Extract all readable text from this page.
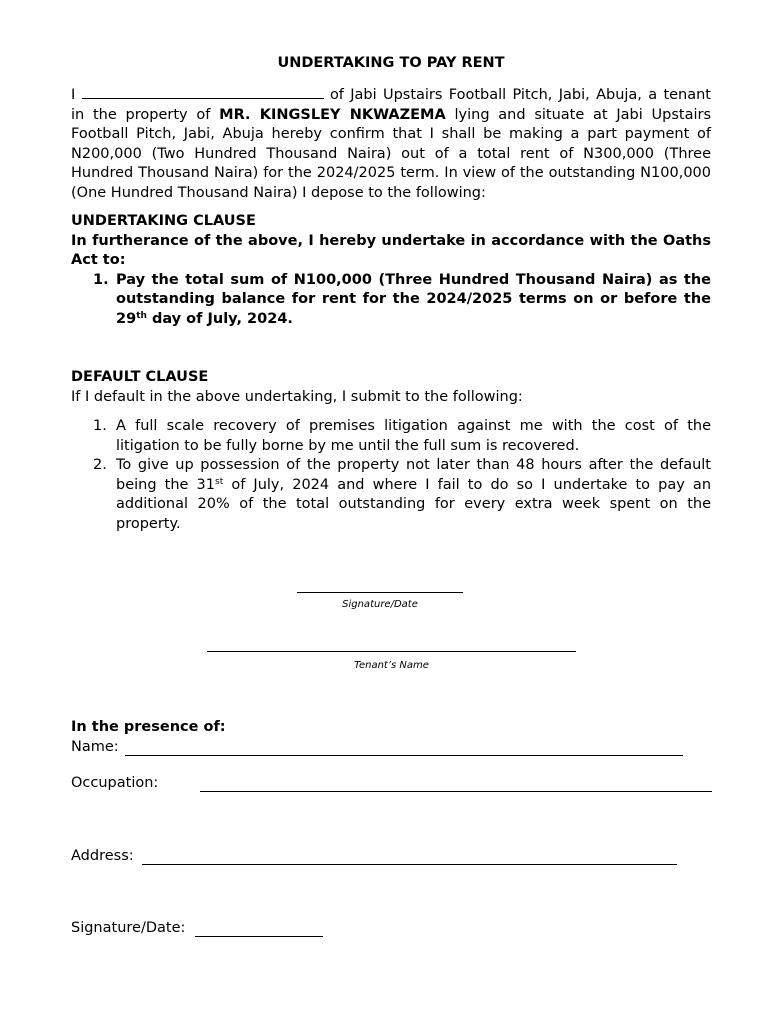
UNDERTAKING TO PAY RENT
I	of Jabi Upstairs Football Pitch, Jabi, Abuja, a tenant in the property of MR. KINGSLEY NKWAZEMA lying and situate at Jabi Upstairs Football Pitch, Jabi, Abuja hereby confirm that I shall be making a part payment of N200,000 (Two Hundred Thousand Naira) out of a total rent of N300,000 (Three Hundred Thousand Naira) for the 2024/2025 term. In view of the outstanding N100,000 (One Hundred Thousand Naira) I depose to the following:
UNDERTAKING CLAUSE
In furtherance of the above, I hereby undertake in accordance with the Oaths Act to:
1. Pay the total sum of N100,000 (Three Hundred Thousand Naira) as the outstanding balance for rent for the 2024/2025 terms on or before the 29th day of July, 2024.
DEFAULT CLAUSE
If I default in the above undertaking, I submit to the following:
1. A full scale recovery of premises litigation against me with the cost of the litigation to be fully borne by me until the full sum is recovered.
2. To give up possession of the property not later than 48 hours after the default being the 31st of July, 2024 and where I fail to do so I undertake to pay an additional 20% of the total outstanding for every extra week spent on the property.
Signature/Date
Tenant’s Name
In the presence of:
Name:
Occupation:
Address:
Signature/Date:
